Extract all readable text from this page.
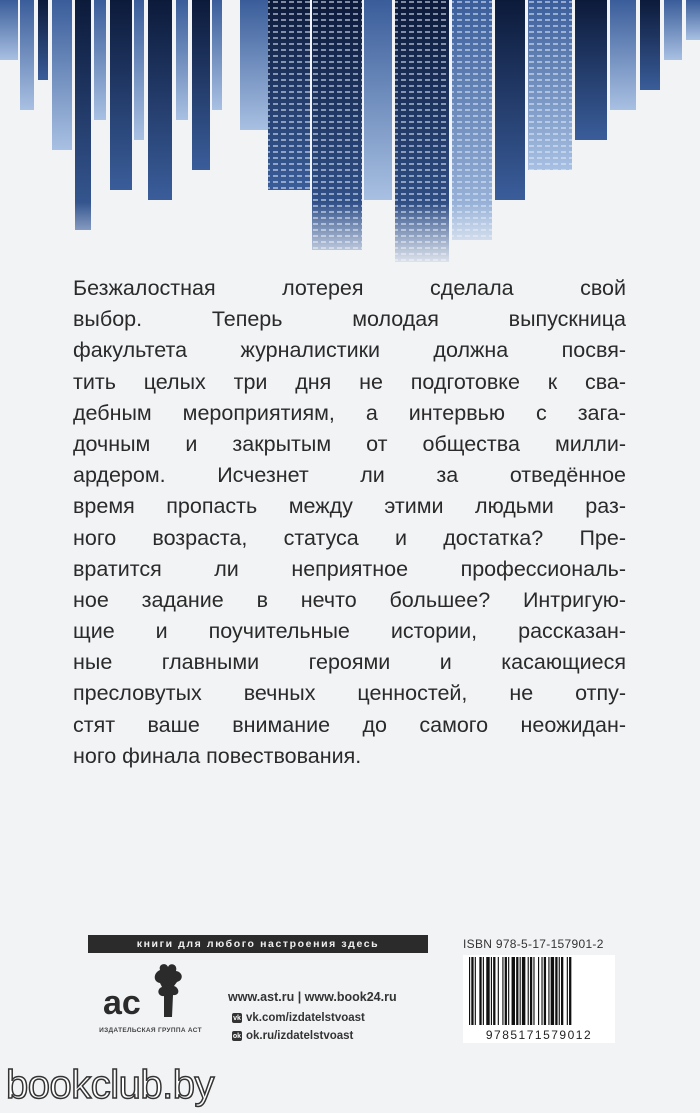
Безжалостная лотерея сделала свой
выбор. Теперь молодая выпускница
факультета журналистики должна посвя-
тить целых три дня не подготовке к сва-
дебным мероприятиям, а интервью с зага-
дочным и закрытым от общества милли-
ардером. Исчезнет ли за отведённое
время пропасть между этими людьми раз-
ного возраста, статуса и достатка? Пре-
вратится ли неприятное профессиональ-
ное задание в нечто большее? Интригую-
щие и поучительные истории, рассказан-
ные главными героями и касающиеся
пресловутых вечных ценностей, не отпу-
стят ваше внимание до самого неожидан-
ного финала повествования.
книги для любого настроения здесь
ac
ИЗДАТЕЛЬСКАЯ ГРУППА АСТ
www.ast.ru | www.book24.ru
vk vk.com/izdatelstvoast
ok ok.ru/izdatelstvoast
ISBN 978-5-17-157901-2
9785171579012
bookclub.by
